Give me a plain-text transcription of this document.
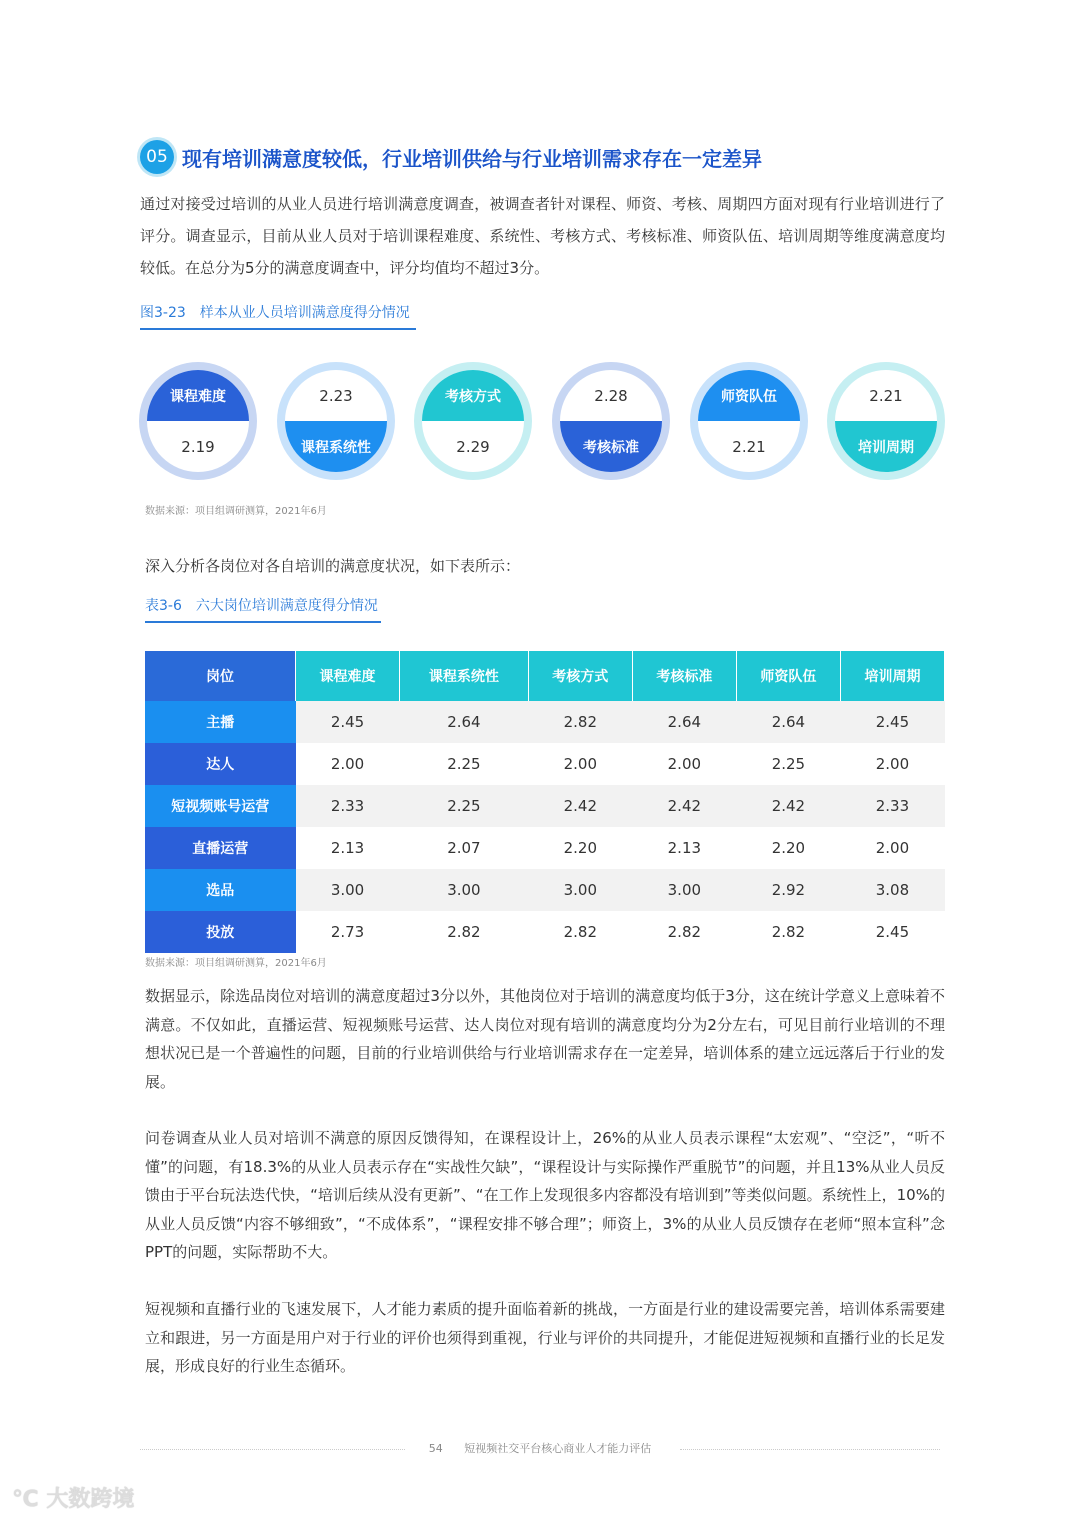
05 现有培训满意度较低，行业培训供给与行业培训需求存在一定差异
通过对接受过培训的从业人员进行培训满意度调查，被调查者针对课程、师资、考核、周期四方面对现有行业培训进行了评分。调查显示，目前从业人员对于培训课程难度、系统性、考核方式、考核标准、师资队伍、培训周期等维度满意度均较低。在总分为5分的满意度调查中，评分均值均不超过3分。
图3-23　样本从业人员培训满意度得分情况
课程难度
2.19
2.23
课程系统性
考核方式
2.29
2.28
考核标准
师资队伍
2.21
2.21
培训周期
数据来源：项目组调研测算，2021年6月
深入分析各岗位对各自培训的满意度状况，如下表所示：
表3-6　六大岗位培训满意度得分情况
岗位	课程难度	课程系统性	考核方式	考核标准	师资队伍	培训周期
主播	2.45	2.64	2.82	2.64	2.64	2.45
达人	2.00	2.25	2.00	2.00	2.25	2.00
短视频账号运营	2.33	2.25	2.42	2.42	2.42	2.33
直播运营	2.13	2.07	2.20	2.13	2.20	2.00
选品	3.00	3.00	3.00	3.00	2.92	3.08
投放	2.73	2.82	2.82	2.82	2.82	2.45
数据来源：项目组调研测算，2021年6月
数据显示，除选品岗位对培训的满意度超过3分以外，其他岗位对于培训的满意度均低于3分，这在统计学意义上意味着不满意。不仅如此，直播运营、短视频账号运营、达人岗位对现有培训的满意度均分为2分左右，可见目前行业培训的不理想状况已是一个普遍性的问题，目前的行业培训供给与行业培训需求存在一定差异，培训体系的建立远远落后于行业的发展。
问卷调查从业人员对培训不满意的原因反馈得知，在课程设计上，26%的从业人员表示课程“太宏观”、“空泛”，“听不懂”的问题，有18.3%的从业人员表示存在“实战性欠缺”，“课程设计与实际操作严重脱节”的问题，并且13%从业人员反馈由于平台玩法迭代快，“培训后续从没有更新”、“在工作上发现很多内容都没有培训到”等类似问题。系统性上，10%的从业人员反馈“内容不够细致”，“不成体系”，“课程安排不够合理”；师资上，3%的从业人员反馈存在老师“照本宣科”念PPT的问题，实际帮助不大。
短视频和直播行业的飞速发展下，人才能力素质的提升面临着新的挑战，一方面是行业的建设需要完善，培训体系需要建立和跟进，另一方面是用户对于行业的评价也须得到重视，行业与评价的共同提升，才能促进短视频和直播行业的长足发展，形成良好的行业生态循环。
54 短视频社交平台核心商业人才能力评估
℃ 大数跨境
